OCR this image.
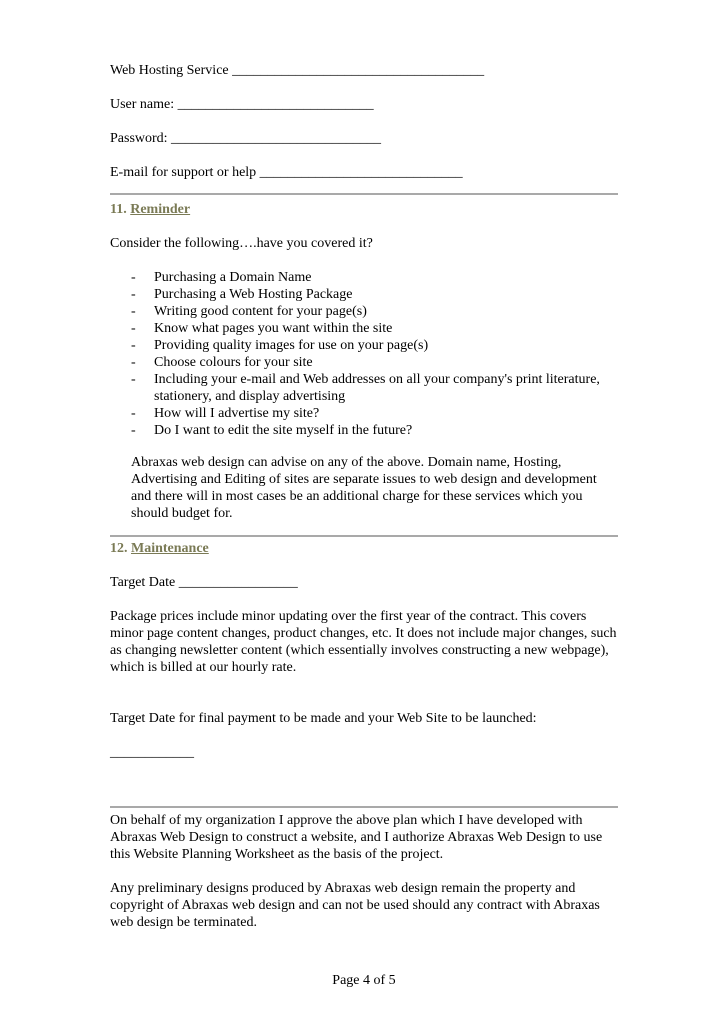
Web Hosting Service ____________________________________
User name: ____________________________
Password: ______________________________
E-mail for support or help _____________________________
11. Reminder
Consider the following….have you covered it?
- Purchasing a Domain Name
- Purchasing a Web Hosting Package
- Writing good content for your page(s)
- Know what pages you want within the site
- Providing quality images for use on your page(s)
- Choose colours for your site
- Including your e-mail and Web addresses on all your company's print literature, stationery, and display advertising
- How will I advertise my site?
- Do I want to edit the site myself in the future?
Abraxas web design can advise on any of the above. Domain name, Hosting, Advertising and Editing of sites are separate issues to web design and development and there will in most cases be an additional charge for these services which you should budget for.
12. Maintenance
Target Date _________________
Package prices include minor updating over the first year of the contract. This covers minor page content changes, product changes, etc. It does not include major changes, such as changing newsletter content (which essentially involves constructing a new webpage), which is billed at our hourly rate.
Target Date for final payment to be made and your Web Site to be launched:
____________
On behalf of my organization I approve the above plan which I have developed with Abraxas Web Design to construct a website, and I authorize Abraxas Web Design to use this Website Planning Worksheet as the basis of the project.
Any preliminary designs produced by Abraxas web design remain the property and copyright of Abraxas web design and can not be used should any contract with Abraxas web design be terminated.
Page 4 of 5
